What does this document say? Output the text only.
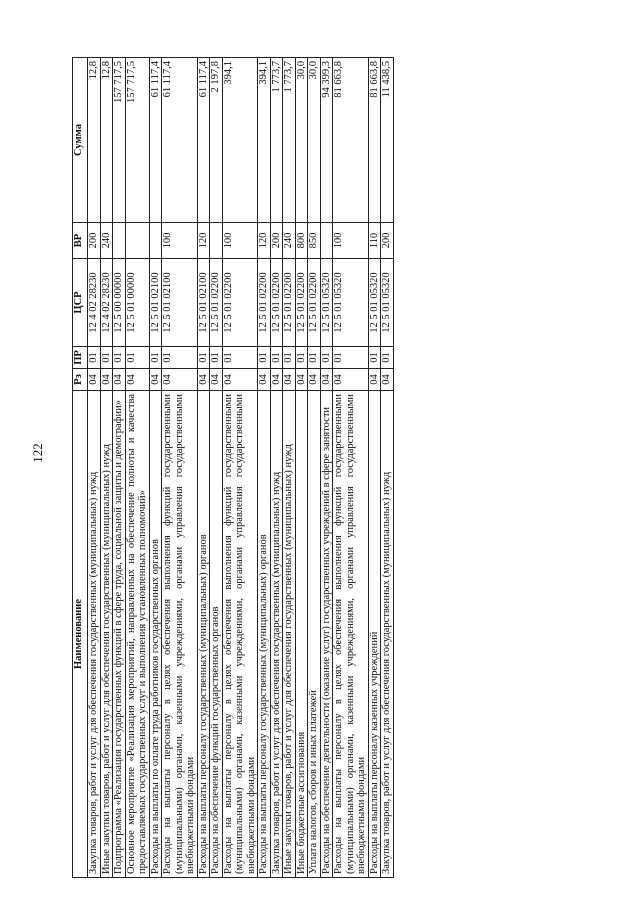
122
Наименование	Рз	ПР	ЦСР	ВР	Сумма
Закупка товаров, работ и услуг для обеспечения государственных (муниципальных) нужд	04	01	12 4 02 28230	200	12,8
Иные закупки товаров, работ и услуг для обеспечения государственных (муниципальных) нужд	04	01	12 4 02 28230	240	12,8
Подпрограмма «Реализация государственных функций в сфере труда, социальной защиты и демографии»	04	01	12 5 00 00000		157 717,5
Основное мероприятие «Реализация мероприятий, направленных на обеспечение полноты и качества предоставляемых государственных услуг и выполнения установленных полномочий»	04	01	12 5 01 00000		157 717,5
Расходы на выплаты по оплате труда работников государственных органов	04	01	12 5 01 02100		61 117,4
Расходы на выплаты персоналу в целях обеспечения выполнения функций государственными (муниципальными) органами, казенными учреждениями, органами управления государственными внебюджетными фондами	04	01	12 5 01 02100	100	61 117,4
Расходы на выплаты персоналу государственных (муниципальных) органов	04	01	12 5 01 02100	120	61 117,4
Расходы на обеспечение функций государственных органов	04	01	12 5 01 02200		2 197,8
Расходы на выплаты персоналу в целях обеспечения выполнения функций государственными (муниципальными) органами, казенными учреждениями, органами управления государственными внебюджетными фондами	04	01	12 5 01 02200	100	394,1
Расходы на выплаты персоналу государственных (муниципальных) органов	04	01	12 5 01 02200	120	394,1
Закупка товаров, работ и услуг для обеспечения государственных (муниципальных) нужд	04	01	12 5 01 02200	200	1 773,7
Иные закупки товаров, работ и услуг для обеспечения государственных (муниципальных) нужд	04	01	12 5 01 02200	240	1 773,7
Иные бюджетные ассигнования	04	01	12 5 01 02200	800	30,0
Уплата налогов, сборов и иных платежей	04	01	12 5 01 02200	850	30,0
Расходы на обеспечение деятельности (оказание услуг) государственных учреждений в сфере занятости	04	01	12 5 01 05320		94 399,3
Расходы на выплаты персоналу в целях обеспечения выполнения функций государственными (муниципальными) органами, казенными учреждениями, органами управления государственными внебюджетными фондами	04	01	12 5 01 05320	100	81 663,8
Расходы на выплаты персоналу казенных учреждений	04	01	12 5 01 05320	110	81 663,8
Закупка товаров, работ и услуг для обеспечения государственных (муниципальных) нужд	04	01	12 5 01 05320	200	11 438,5
